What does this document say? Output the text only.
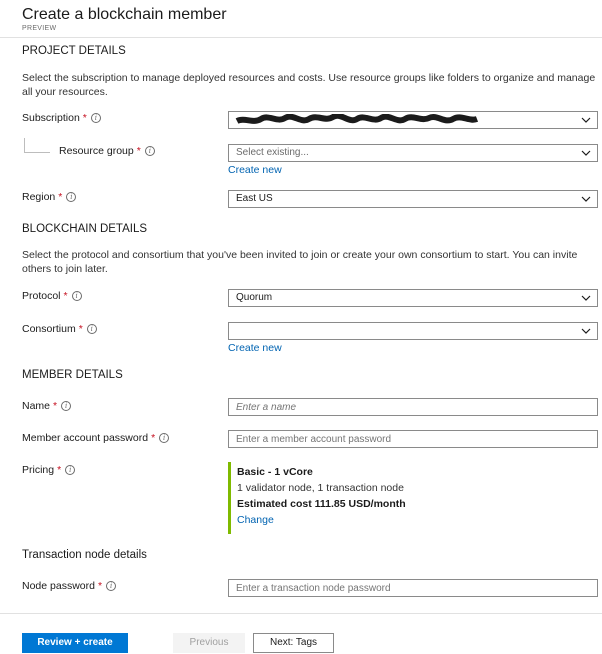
Create a blockchain member
PREVIEW
PROJECT DETAILS
Select the subscription to manage deployed resources and costs. Use resource groups like folders to organize and manage all your resources.
Subscription * i
Resource group * i	Select existing...
Create new
Region * i	East US
BLOCKCHAIN DETAILS
Select the protocol and consortium that you've been invited to join or create your own consortium to start. You can invite others to join later.
Protocol * i	Quorum
Consortium * i
Create new
MEMBER DETAILS
Name * i
Enter a name
Member account password * i
Pricing * i	Basic - 1 vCore
1 validator node, 1 transaction node
Estimated cost 111.85 USD/month
Change
Transaction node details
Node password * i
Review + create	Previous	Next: Tags
